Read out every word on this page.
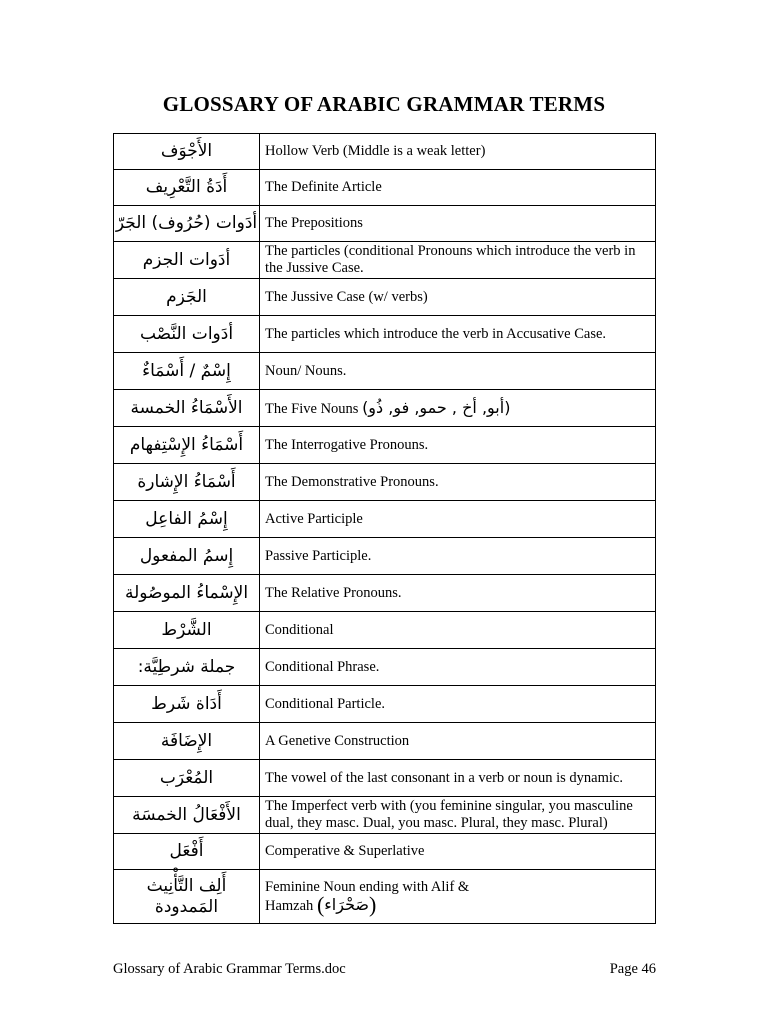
GLOSSARY OF ARABIC GRAMMAR TERMS
الأَجْوَف	Hollow Verb (Middle is a weak letter)
أَدَةُ التَّعْرِيف	The Definite Article
أدَوات (حُرُوف) الجَرّ	The Prepositions
أدَوات الجزم	The particles (conditional Pronouns which introduce the verb in the Jussive Case.
الجَزم	The Jussive Case (w/ verbs)
أدَوات النَّصْب	The particles which introduce the verb in Accusative Case.
إِسْمٌ / أَسْمَاءٌ	Noun/ Nouns.
الأَسْمَاءُ الخمسة	The Five Nouns (أبو, أخ , حمو, فو, ذُو)
أَسْمَاءُ الإِسْتِفهام	The Interrogative Pronouns.
أَسْمَاءُ الإِشارة	The Demonstrative Pronouns.
إِسْمُ الفاعِل	Active Participle
إِسمُ المفعول	Passive Participle.
الإِسْماءُ الموصُولة	The Relative Pronouns.
الشَّرْط	Conditional
جملة شرطِيَّة:	Conditional Phrase.
أَدَاة شَرط	Conditional Particle.
الإِضَافَة	A Genetive Construction
المُعْرَب	The vowel of the last consonant in a verb or noun is dynamic.
الأَفْعَالُ الخمسَة	The Imperfect verb with (you feminine singular, you masculine dual, they masc. Dual, you masc. Plural, they masc. Plural)
أَفْعَل	Comperative & Superlative
أَلِف التَّأْنِيث المَمدودة	Feminine Noun ending with Alif &
Hamzah (صَحْرَاء)
Glossary of Arabic Grammar Terms.doc	Page 46
